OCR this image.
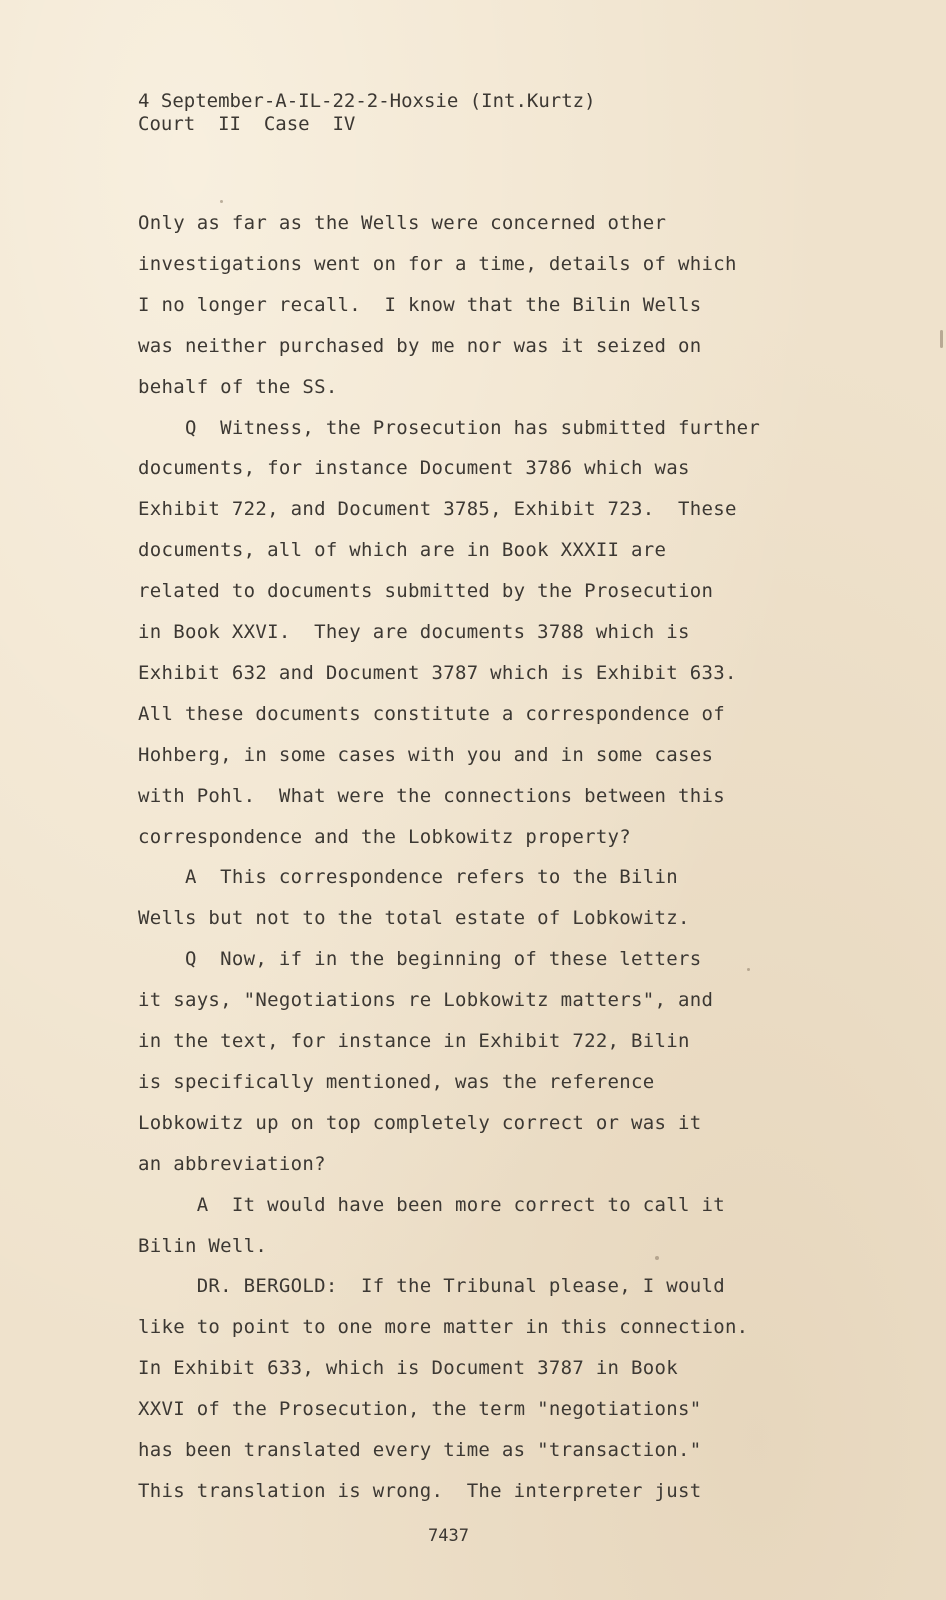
4 September-A-IL-22-2-Hoxsie (Int.Kurtz)
Court  II  Case  IV
Only as far as the Wells were concerned other
investigations went on for a time, details of which
I no longer recall.  I know that the Bilin Wells
was neither purchased by me nor was it seized on
behalf of the SS.
Q  Witness, the Prosecution has submitted further
documents, for instance Document 3786 which was
Exhibit 722, and Document 3785, Exhibit 723.  These
documents, all of which are in Book XXXII are
related to documents submitted by the Prosecution
in Book XXVI.  They are documents 3788 which is
Exhibit 632 and Document 3787 which is Exhibit 633.
All these documents constitute a correspondence of
Hohberg, in some cases with you and in some cases
with Pohl.  What were the connections between this
correspondence and the Lobkowitz property?
A  This correspondence refers to the Bilin
Wells but not to the total estate of Lobkowitz.
Q  Now, if in the beginning of these letters
it says, "Negotiations re Lobkowitz matters", and
in the text, for instance in Exhibit 722, Bilin
is specifically mentioned, was the reference
Lobkowitz up on top completely correct or was it
an abbreviation?
A  It would have been more correct to call it
Bilin Well.
DR. BERGOLD:  If the Tribunal please, I would
like to point to one more matter in this connection.
In Exhibit 633, which is Document 3787 in Book
XXVI of the Prosecution, the term "negotiations"
has been translated every time as "transaction."
This translation is wrong.  The interpreter just
7437
